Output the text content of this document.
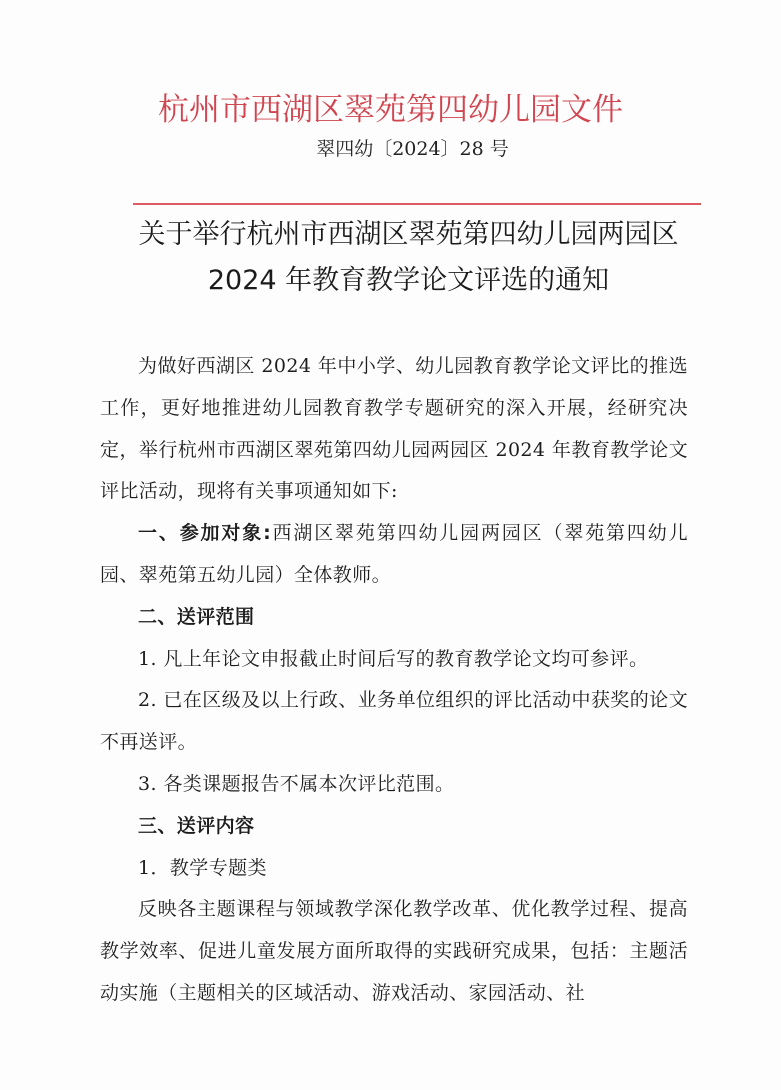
杭州市西湖区翠苑第四幼儿园文件
翠四幼〔2024〕28 号
关于举行杭州市西湖区翠苑第四幼儿园两园区
2024 年教育教学论文评选的通知

为做好西湖区 2024 年中小学、幼儿园教育教学论文评比的推选工作，更好地推进幼儿园教育教学专题研究的深入开展，经研究决定，举行杭州市西湖区翠苑第四幼儿园两园区 2024 年教育教学论文评比活动，现将有关事项通知如下:

一、参加对象:西湖区翠苑第四幼儿园两园区（翠苑第四幼儿园、翠苑第五幼儿园）全体教师。

二、送评范围

1. 凡上年论文申报截止时间后写的教育教学论文均可参评。

2. 已在区级及以上行政、业务单位组织的评比活动中获奖的论文不再送评。

3. 各类课题报告不属本次评比范围。

三、送评内容

1．教学专题类

反映各主题课程与领域教学深化教学改革、优化教学过程、提高教学效率、促进儿童发展方面所取得的实践研究成果，包括：主题活动实施（主题相关的区域活动、游戏活动、家园活动、社
